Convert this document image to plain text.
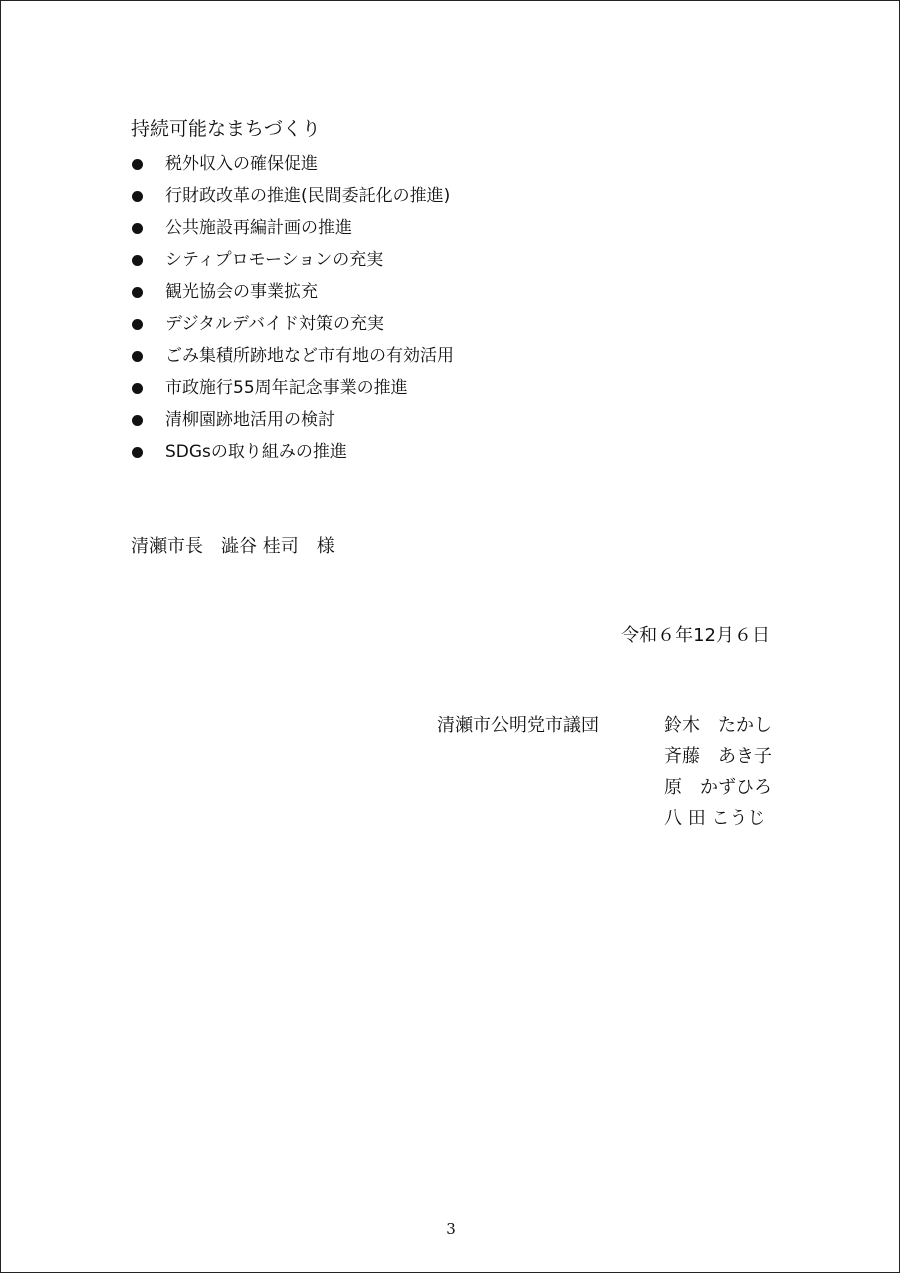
持続可能なまちづくり
税外収入の確保促進
行財政改革の推進(民間委託化の推進)
公共施設再編計画の推進
シティプロモーションの充実
観光協会の事業拡充
デジタルデバイド対策の充実
ごみ集積所跡地など市有地の有効活用
市政施行55周年記念事業の推進
清柳園跡地活用の検討
SDGsの取り組みの推進
清瀬市長　澁谷 桂司　様
令和６年12月６日
清瀬市公明党市議団	鈴木　たかし
斉藤　あき子
原　かずひろ
八 田 こうじ
3
